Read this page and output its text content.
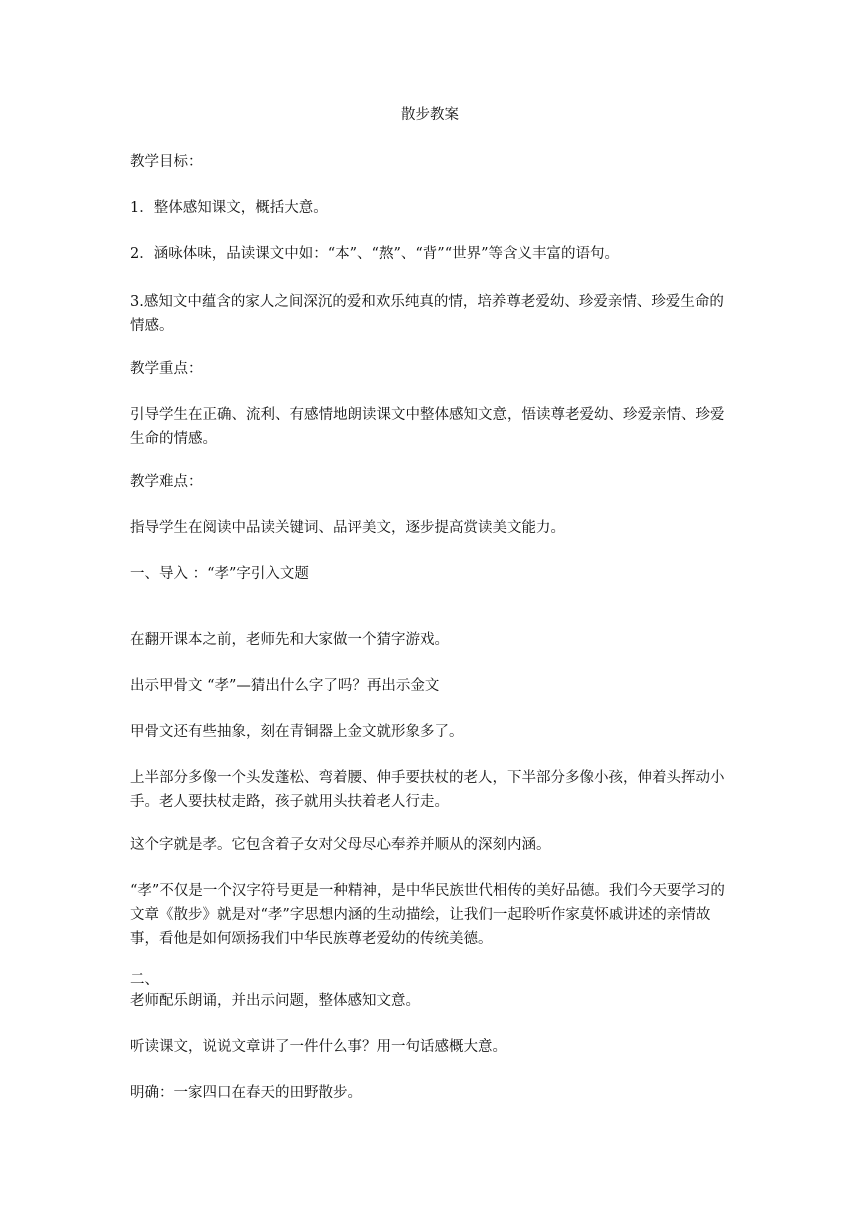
散步教案
教学目标：
1．整体感知课文，概括大意。
2．涵咏体味，品读课文中如：“本”、“熬”、“背”“世界”等含义丰富的语句。
3.感知文中蕴含的家人之间深沉的爱和欢乐纯真的情，培养尊老爱幼、珍爱亲情、珍爱生命的情感。
教学重点：
引导学生在正确、流利、有感情地朗读课文中整体感知文意，悟读尊老爱幼、珍爱亲情、珍爱生命的情感。
教学难点：
指导学生在阅读中品读关键词、品评美文，逐步提高赏读美文能力。
一、导入 ：“孝”字引入文题
在翻开课本之前，老师先和大家做一个猜字游戏。
出示甲骨文 “孝”—猜出什么字了吗？再出示金文
甲骨文还有些抽象，刻在青铜器上金文就形象多了。
上半部分多像一个头发蓬松、弯着腰、伸手要扶杖的老人，下半部分多像小孩，伸着头挥动小手。老人要扶杖走路，孩子就用头扶着老人行走。
这个字就是孝。它包含着子女对父母尽心奉养并顺从的深刻内涵。
“孝”不仅是一个汉字符号更是一种精神，是中华民族世代相传的美好品德。我们今天要学习的文章《散步》就是对“孝”字思想内涵的生动描绘，让我们一起聆听作家莫怀戚讲述的亲情故事，看他是如何颂扬我们中华民族尊老爱幼的传统美德。
二、
老师配乐朗诵，并出示问题，整体感知文意。
听读课文，说说文章讲了一件什么事？用一句话感概大意。
明确：一家四口在春天的田野散步。
